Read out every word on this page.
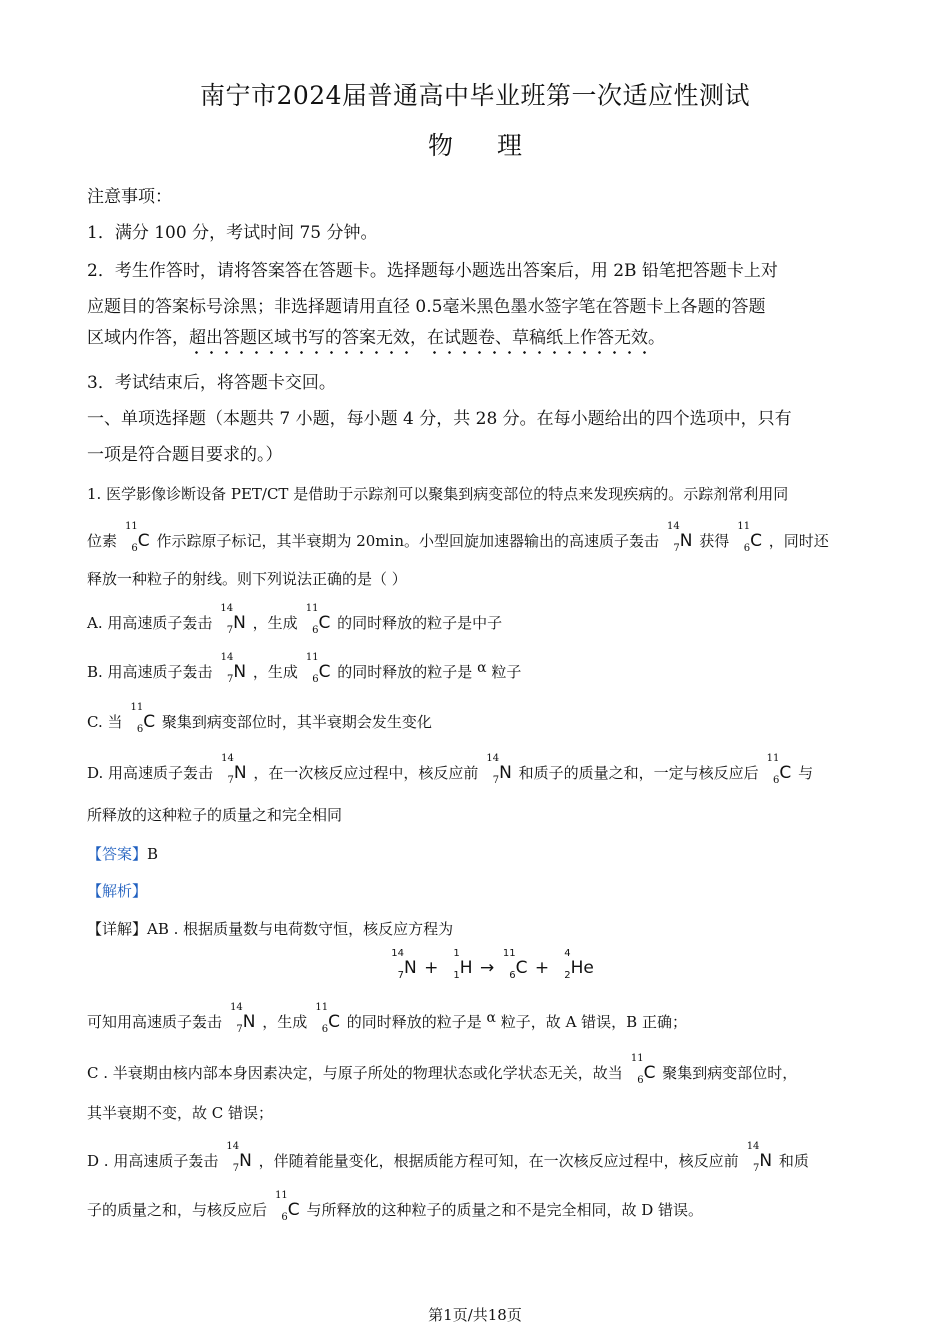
南宁市2024届普通高中毕业班第一次适应性测试
物 理
注意事项：
1．满分 100 分，考试时间 75 分钟。
2．考生作答时，请将答案答在答题卡。选择题每小题选出答案后，用 2B 铅笔把答题卡上对
应题目的答案标号涂黑；非选择题请用直径 0.5毫米黑色墨水签字笔在答题卡上各题的答题
区域内作答，超出答题区域书写的答案无效，在试题卷、草稿纸上作答无效。
3．考试结束后，将答题卡交回。
一、单项选择题（本题共 7 小题，每小题 4 分，共 28 分。在每小题给出的四个选项中，只有
一项是符合题目要求的。）
1. 医学影像诊断设备 PET/CT 是借助于示踪剂可以聚集到病变部位的特点来发现疾病的。示踪剂常利用同
位素
11
6 C 作示踪原子标记，其半衰期为 20min。小型回旋加速器输出的高速质子轰击
14
7 N 获得
11
6 C ，同时还
释放一种粒子的射线。则下列说法正确的是（ ）
A. 用高速质子轰击
14
7 N ，生成
11
6 C 的同时释放的粒子是中子
B. 用高速质子轰击
14
7 N ，生成
11
6 C 的同时释放的粒子是 α 粒子
C. 当
11
6 C 聚集到病变部位时，其半衰期会发生变化
D. 用高速质子轰击
14
7 N ，在一次核反应过程中，核反应前
14
7 N 和质子的质量之和，一定与核反应后
11
6 C 与
所释放的这种粒子的质量之和完全相同
【答案】B
【解析】
【详解】AB . 根据质量数与电荷数守恒，核反应方程为
14
7 N +
1
1 H →
11
6 C +
4
2 He
可知用高速质子轰击
14
7 N ，生成
11
6 C 的同时释放的粒子是 α 粒子，故 A 错误，B 正确；
C . 半衰期由核内部本身因素决定，与原子所处的物理状态或化学状态无关，故当
11
6 C 聚集到病变部位时，
其半衰期不变，故 C 错误；
D . 用高速质子轰击
14
7 N ，伴随着能量变化，根据质能方程可知，在一次核反应过程中，核反应前
14
7 N 和质
子的质量之和，与核反应后
11
6 C 与所释放的这种粒子的质量之和不是完全相同，故 D 错误。
第1页/共18页
